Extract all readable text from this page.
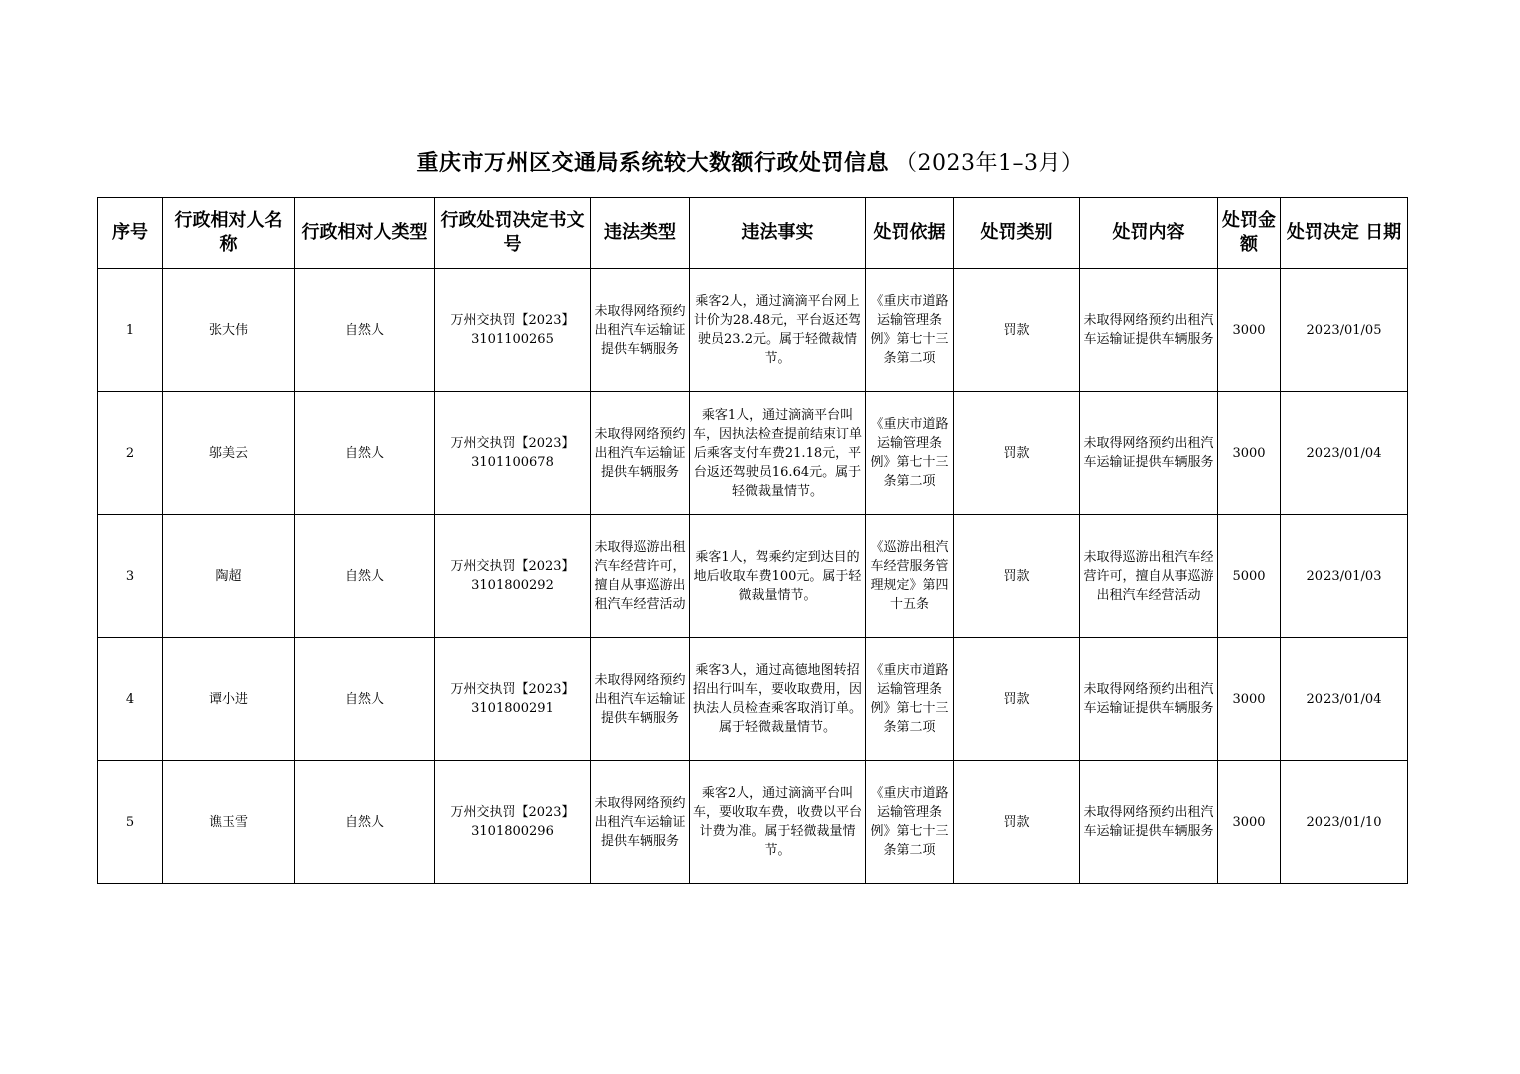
重庆市万州区交通局系统较大数额行政处罚信息 （2023年1–3月）
序号	行政相对人名称	行政相对人类型	行政处罚决定书文号	违法类型	违法事实	处罚依据	处罚类别	处罚内容	处罚金额	处罚决定 日期
1	张大伟	自然人	万州交执罚【2023】3101100265	未取得网络预约出租汽车运输证提供车辆服务	乘客2人，通过滴滴平台网上计价为28.48元，平台返还驾驶员23.2元。属于轻微裁情节。	《重庆市道路运输管理条例》第七十三条第二项	罚款	未取得网络预约出租汽车运输证提供车辆服务	3000	2023/01/05
2	邬美云	自然人	万州交执罚【2023】3101100678	未取得网络预约出租汽车运输证提供车辆服务	乘客1人，通过滴滴平台叫车，因执法检查提前结束订单后乘客支付车费21.18元，平台返还驾驶员16.64元。属于轻微裁量情节。	《重庆市道路运输管理条例》第七十三条第二项	罚款	未取得网络预约出租汽车运输证提供车辆服务	3000	2023/01/04
3	陶超	自然人	万州交执罚【2023】3101800292	未取得巡游出租汽车经营许可，擅自从事巡游出租汽车经营活动	乘客1人，驾乘约定到达目的地后收取车费100元。属于轻微裁量情节。	《巡游出租汽车经营服务管理规定》第四十五条	罚款	未取得巡游出租汽车经营许可，擅自从事巡游出租汽车经营活动	5000	2023/01/03
4	谭小进	自然人	万州交执罚【2023】3101800291	未取得网络预约出租汽车运输证提供车辆服务	乘客3人，通过高德地图转招招出行叫车，要收取费用，因执法人员检查乘客取消订单。属于轻微裁量情节。	《重庆市道路运输管理条例》第七十三条第二项	罚款	未取得网络预约出租汽车运输证提供车辆服务	3000	2023/01/04
5	谯玉雪	自然人	万州交执罚【2023】3101800296	未取得网络预约出租汽车运输证提供车辆服务	乘客2人，通过滴滴平台叫车，要收取车费，收费以平台计费为准。属于轻微裁量情节。	《重庆市道路运输管理条例》第七十三条第二项	罚款	未取得网络预约出租汽车运输证提供车辆服务	3000	2023/01/10
